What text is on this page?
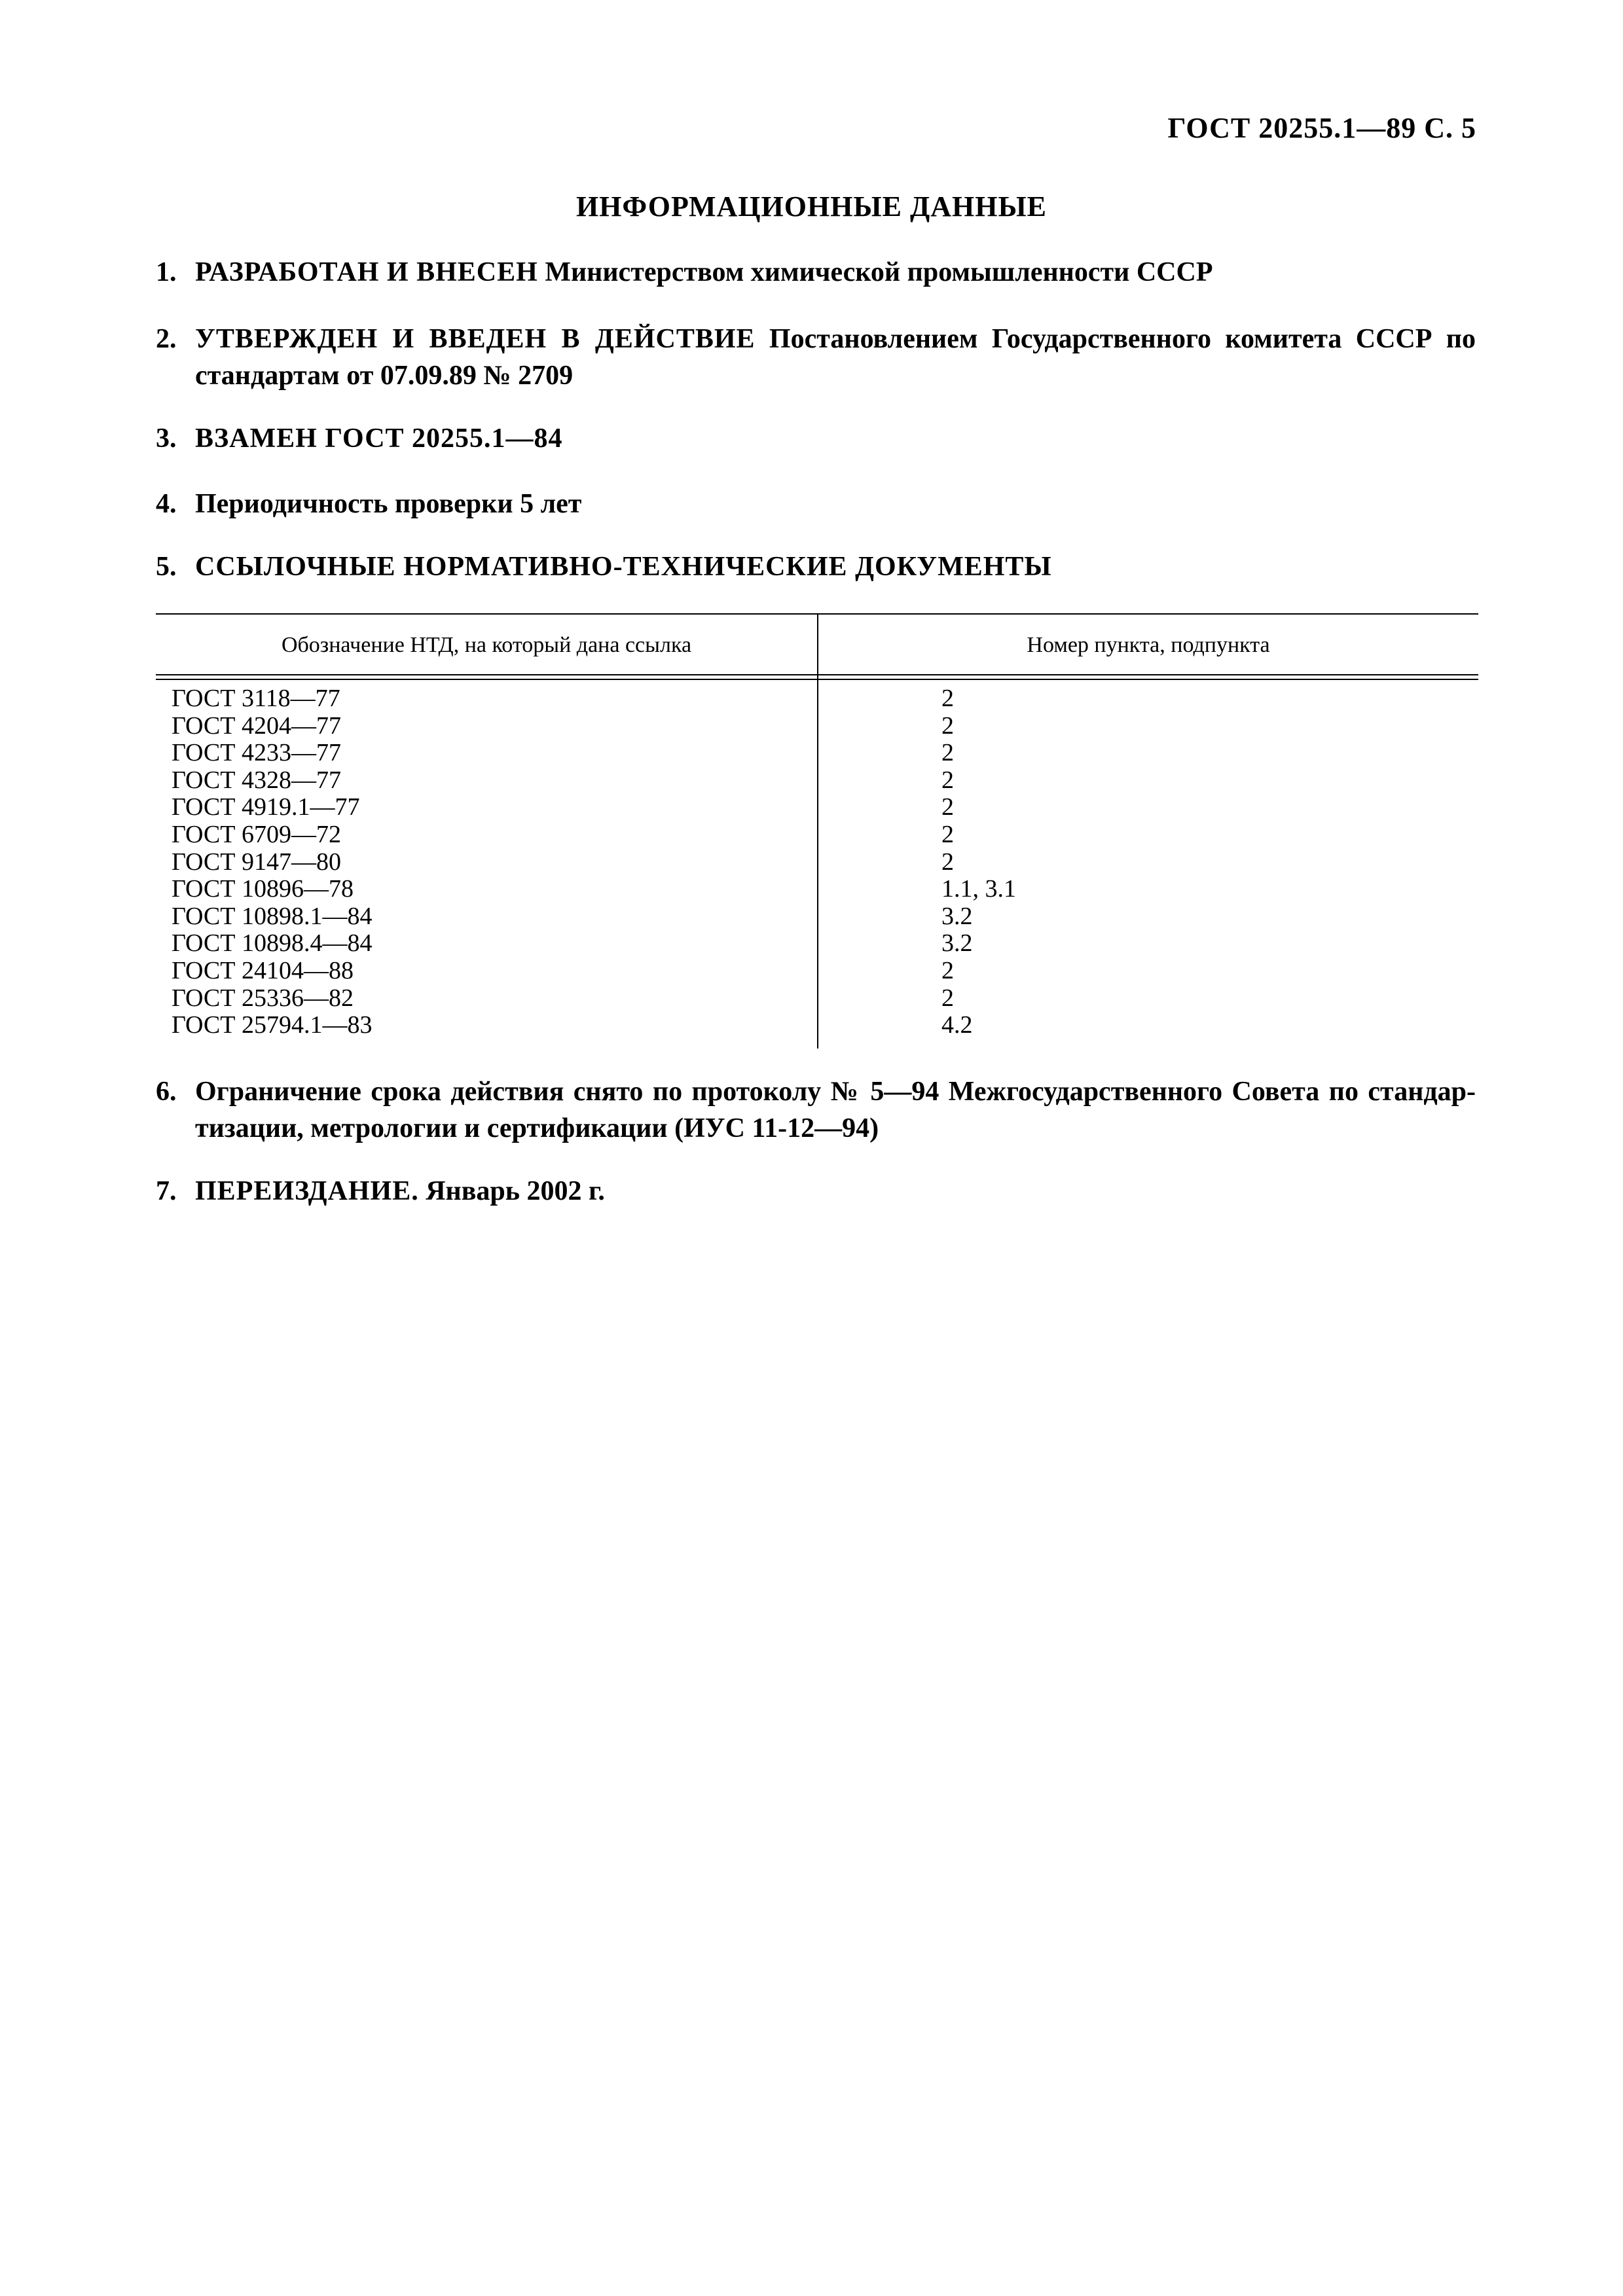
ГОСТ 20255.1—89 С. 5
ИНФОРМАЦИОННЫЕ ДАННЫЕ
1. РАЗРАБОТАН И ВНЕСЕН Министерством химической промышленности СССР
2. УТВЕРЖДЕН И ВВЕДЕН В ДЕЙСТВИЕ Постановлением Государственного комитета СССР по стандартам от 07.09.89 № 2709
3. ВЗАМЕН ГОСТ 20255.1—84
4. Периодичность проверки 5 лет
5. ССЫЛОЧНЫЕ НОРМАТИВНО-ТЕХНИЧЕСКИЕ ДОКУМЕНТЫ
Обозначение НТД, на который дана ссылка	Номер пункта, подпункта
ГОСТ 3118—77	2
ГОСТ 4204—77	2
ГОСТ 4233—77	2
ГОСТ 4328—77	2
ГОСТ 4919.1—77	2
ГОСТ 6709—72	2
ГОСТ 9147—80	2
ГОСТ 10896—78	1.1, 3.1
ГОСТ 10898.1—84	3.2
ГОСТ 10898.4—84	3.2
ГОСТ 24104—88	2
ГОСТ 25336—82	2
ГОСТ 25794.1—83	4.2
6. Ограничение срока действия снято по протоколу № 5—94 Межгосударственного Совета по стандартизации, метрологии и сертификации (ИУС 11-12—94)
7. ПЕРЕИЗДАНИЕ. Январь 2002 г.
